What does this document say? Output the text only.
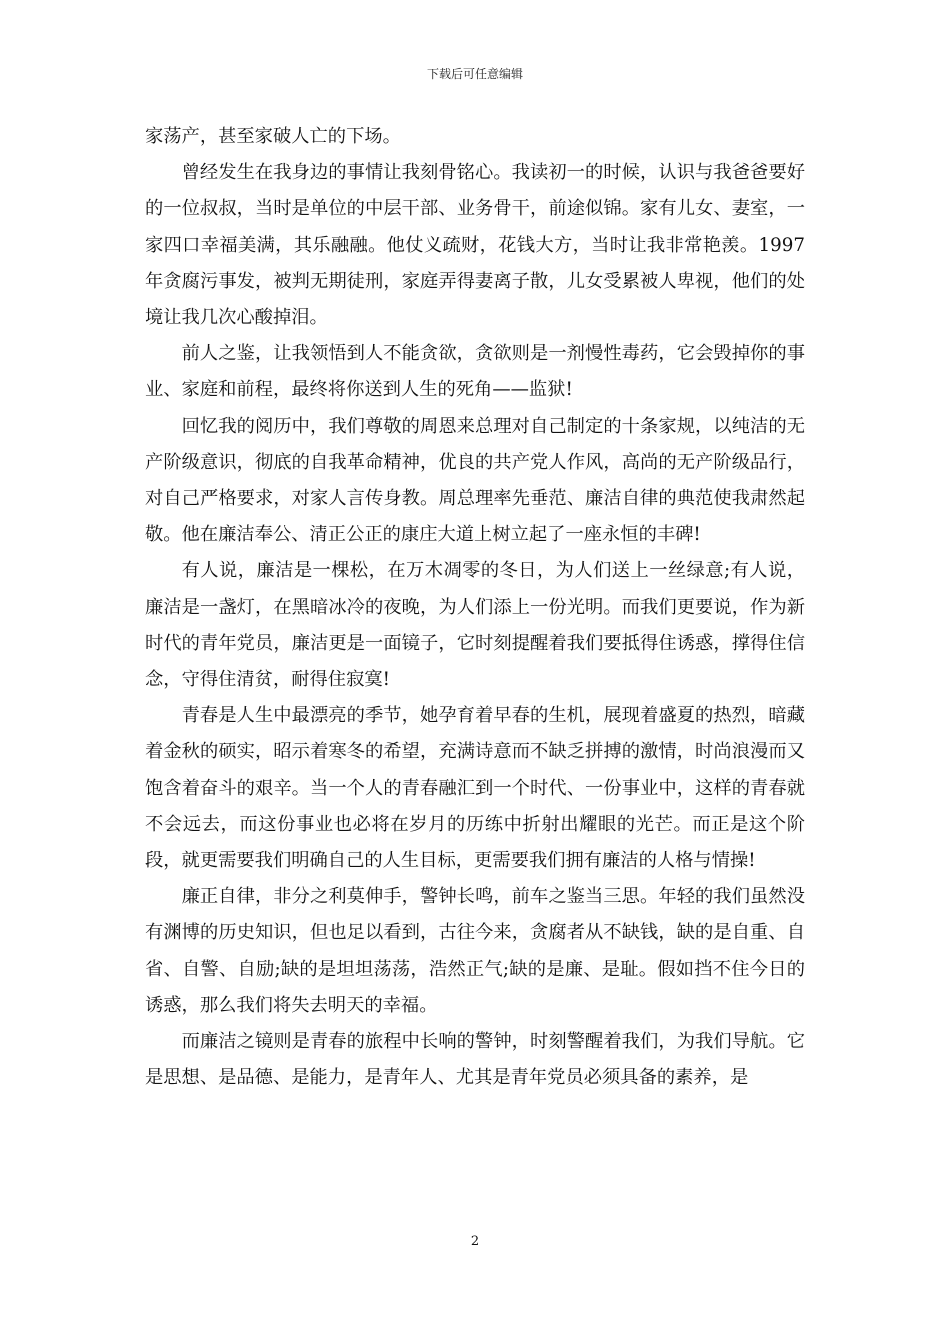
下载后可任意编辑

家荡产，甚至家破人亡的下场。

曾经发生在我身边的事情让我刻骨铭心。我读初一的时候，认识与我爸爸要好的一位叔叔，当时是单位的中层干部、业务骨干，前途似锦。家有儿女、妻室，一家四口幸福美满，其乐融融。他仗义疏财，花钱大方，当时让我非常艳羡。1997年贪腐污事发，被判无期徒刑，家庭弄得妻离子散，儿女受累被人卑视，他们的处境让我几次心酸掉泪。

前人之鉴，让我领悟到人不能贪欲，贪欲则是一剂慢性毒药，它会毁掉你的事业、家庭和前程，最终将你送到人生的死角——监狱!

回忆我的阅历中，我们尊敬的周恩来总理对自己制定的十条家规，以纯洁的无产阶级意识，彻底的自我革命精神，优良的共产党人作风，高尚的无产阶级品行，对自己严格要求，对家人言传身教。周总理率先垂范、廉洁自律的典范使我肃然起敬。他在廉洁奉公、清正公正的康庄大道上树立起了一座永恒的丰碑!

有人说，廉洁是一棵松，在万木凋零的冬日，为人们送上一丝绿意;有人说，廉洁是一盏灯，在黑暗冰冷的夜晚，为人们添上一份光明。而我们更要说，作为新时代的青年党员，廉洁更是一面镜子，它时刻提醒着我们要抵得住诱惑，撑得住信念，守得住清贫，耐得住寂寞!

青春是人生中最漂亮的季节，她孕育着早春的生机，展现着盛夏的热烈，暗藏着金秋的硕实，昭示着寒冬的希望，充满诗意而不缺乏拼搏的激情，时尚浪漫而又饱含着奋斗的艰辛。当一个人的青春融汇到一个时代、一份事业中，这样的青春就不会远去，而这份事业也必将在岁月的历练中折射出耀眼的光芒。而正是这个阶段，就更需要我们明确自己的人生目标，更需要我们拥有廉洁的人格与情操!

廉正自律，非分之利莫伸手，警钟长鸣，前车之鉴当三思。年轻的我们虽然没有渊博的历史知识，但也足以看到，古往今来，贪腐者从不缺钱，缺的是自重、自省、自警、自励;缺的是坦坦荡荡，浩然正气;缺的是廉、是耻。假如挡不住今日的诱惑，那么我们将失去明天的幸福。

而廉洁之镜则是青春的旅程中长响的警钟，时刻警醒着我们，为我们导航。它是思想、是品德、是能力，是青年人、尤其是青年党员必须具备的素养，是

2
